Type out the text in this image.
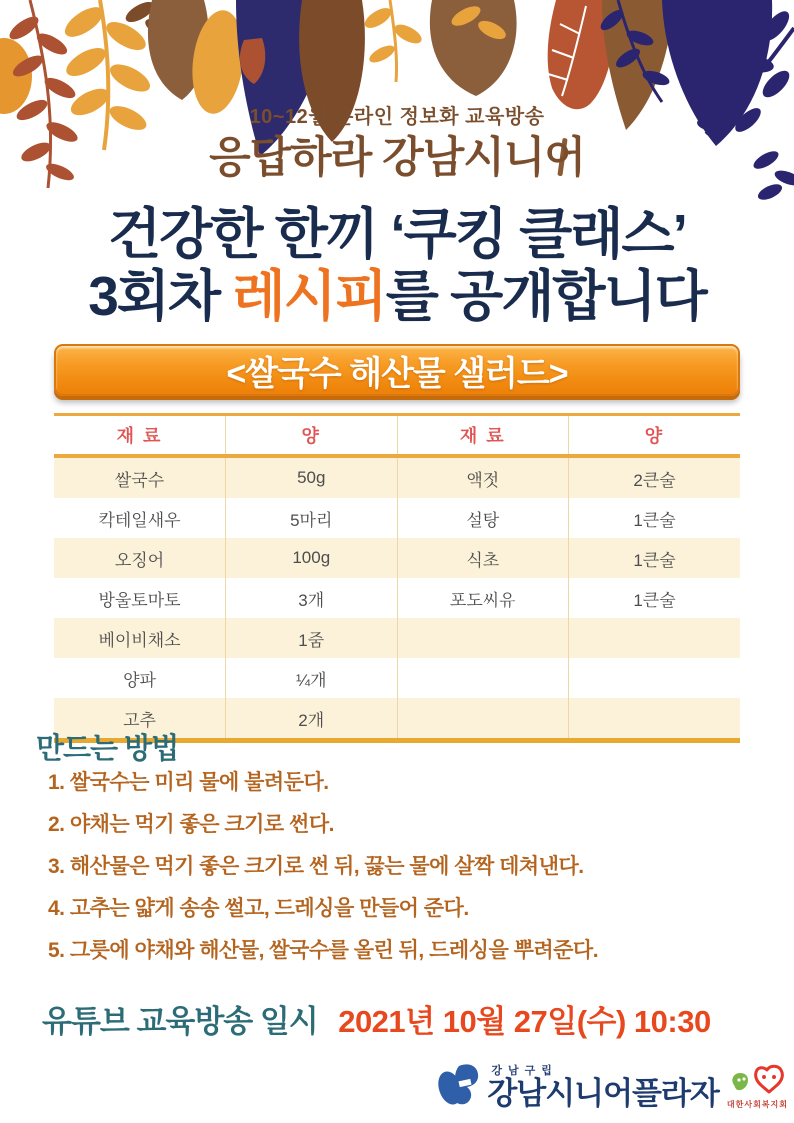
10~12월 온라인 정보화 교육방송
응답하라 강남시니어
건강한 한끼 ‘쿠킹 클래스’
3회차 레시피를 공개합니다
<쌀국수 해산물 샐러드>
재 료	양	재 료	양
쌀국수	50g	액젓	2큰술
칵테일새우	5마리	설탕	1큰술
오징어	100g	식초	1큰술
방울토마토	3개	포도씨유	1큰술
베이비채소	1줌		
양파	¼개		
고추	2개		
만드는 방법
1. 쌀국수는 미리 물에 불려둔다.
2. 야채는 먹기 좋은 크기로 썬다.
3. 해산물은 먹기 좋은 크기로 썬 뒤, 끓는 물에 살짝 데쳐낸다.
4. 고추는 얇게 송송 썰고, 드레싱을 만들어 준다.
5. 그릇에 야채와 해산물, 쌀국수를 올린 뒤, 드레싱을 뿌려준다.
유튜브 교육방송 일시 2021년 10월 27일(수) 10:30
강남구립
강남시니어플라자 대한사회복지회
